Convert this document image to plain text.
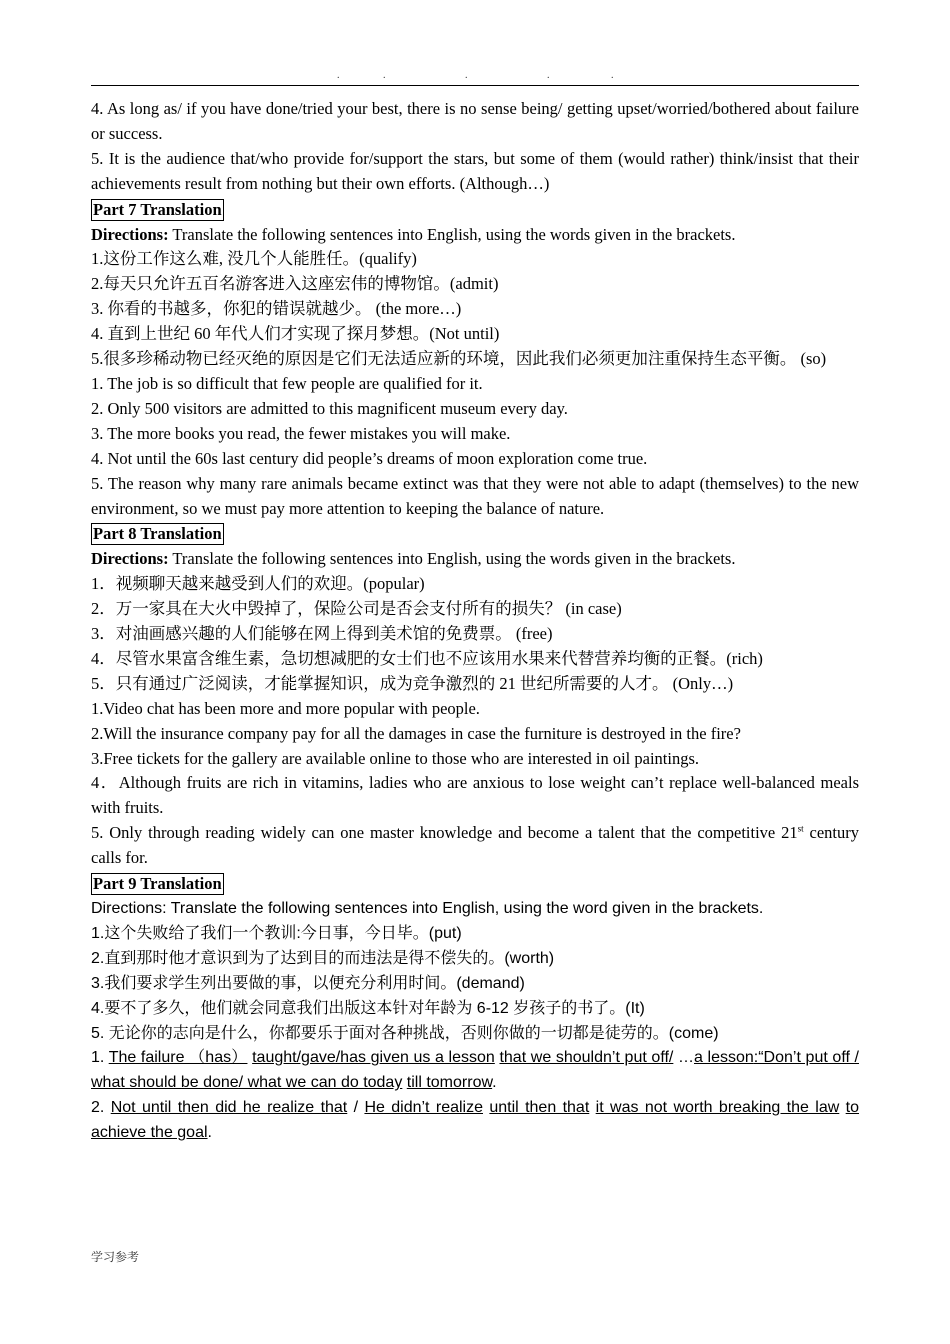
.	.	.	.	.

4. As long as/ if you have done/tried your best, there is no sense being/ getting upset/worried/bothered about failure or success.

5. It is the audience that/who provide for/support the stars, but some of them (would rather) think/insist that their achievements result from nothing but their own efforts. (Although…)

Part 7 Translation

Directions: Translate the following sentences into English, using the words given in the brackets.

1.这份工作这么难, 没几个人能胜任。(qualify)

2.每天只允许五百名游客进入这座宏伟的博物馆。(admit)

3. 你看的书越多，你犯的错误就越少。 (the more…)

4. 直到上世纪 60 年代人们才实现了探月梦想。(Not until)

5.很多珍稀动物已经灭绝的原因是它们无法适应新的环境，因此我们必须更加注重保持生态平衡。 (so)

1. The job is so difficult that few people are qualified for it.

2. Only 500 visitors are admitted to this magnificent museum every day.

3. The more books you read, the fewer mistakes you will make.

4. Not until the 60s last century did people’s dreams of moon exploration come true.

5. The reason why many rare animals became extinct was that they were not able to adapt (themselves) to the new environment, so we must pay more attention to keeping the balance of nature.

Part 8 Translation

Directions: Translate the following sentences into English, using the words given in the brackets.

1．视频聊天越来越受到人们的欢迎。(popular)

2．万一家具在大火中毁掉了，保险公司是否会支付所有的损失？ (in case)

3．对油画感兴趣的人们能够在网上得到美术馆的免费票。 (free)

4．尽管水果富含维生素，急切想减肥的女士们也不应该用水果来代替营养均衡的正餐。(rich)

5．只有通过广泛阅读，才能掌握知识，成为竞争激烈的 21 世纪所需要的人才。 (Only…)

1.Video chat has been more and more popular with people.

2.Will the insurance company pay for all the damages in case the furniture is destroyed in the fire?

3.Free tickets for the gallery are available online to those who are interested in oil paintings.

4．Although fruits are rich in vitamins, ladies who are anxious to lose weight can’t replace well-balanced meals with fruits.

5. Only through reading widely can one master knowledge and become a talent that the competitive 21st century calls for.

Part 9 Translation

Directions: Translate the following sentences into English, using the word given in the brackets.

1.这个失败给了我们一个教训:今日事，今日毕。(put)

2.直到那时他才意识到为了达到目的而违法是得不偿失的。(worth)

3.我们要求学生列出要做的事，以便充分利用时间。(demand)

4.要不了多久，他们就会同意我们出版这本针对年龄为 6-12 岁孩子的书了。(It)

5. 无论你的志向是什么，你都要乐于面对各种挑战，否则你做的一切都是徒劳的。(come)

1. The failure （has） taught/gave/has given us a lesson that we shouldn’t put off/ …a lesson:“Don’t put off / what should be done/ what we can do today till tomorrow.

2. Not until then did he realize that / He didn’t realize until then that it was not worth breaking the law to achieve the goal.

学习参考
